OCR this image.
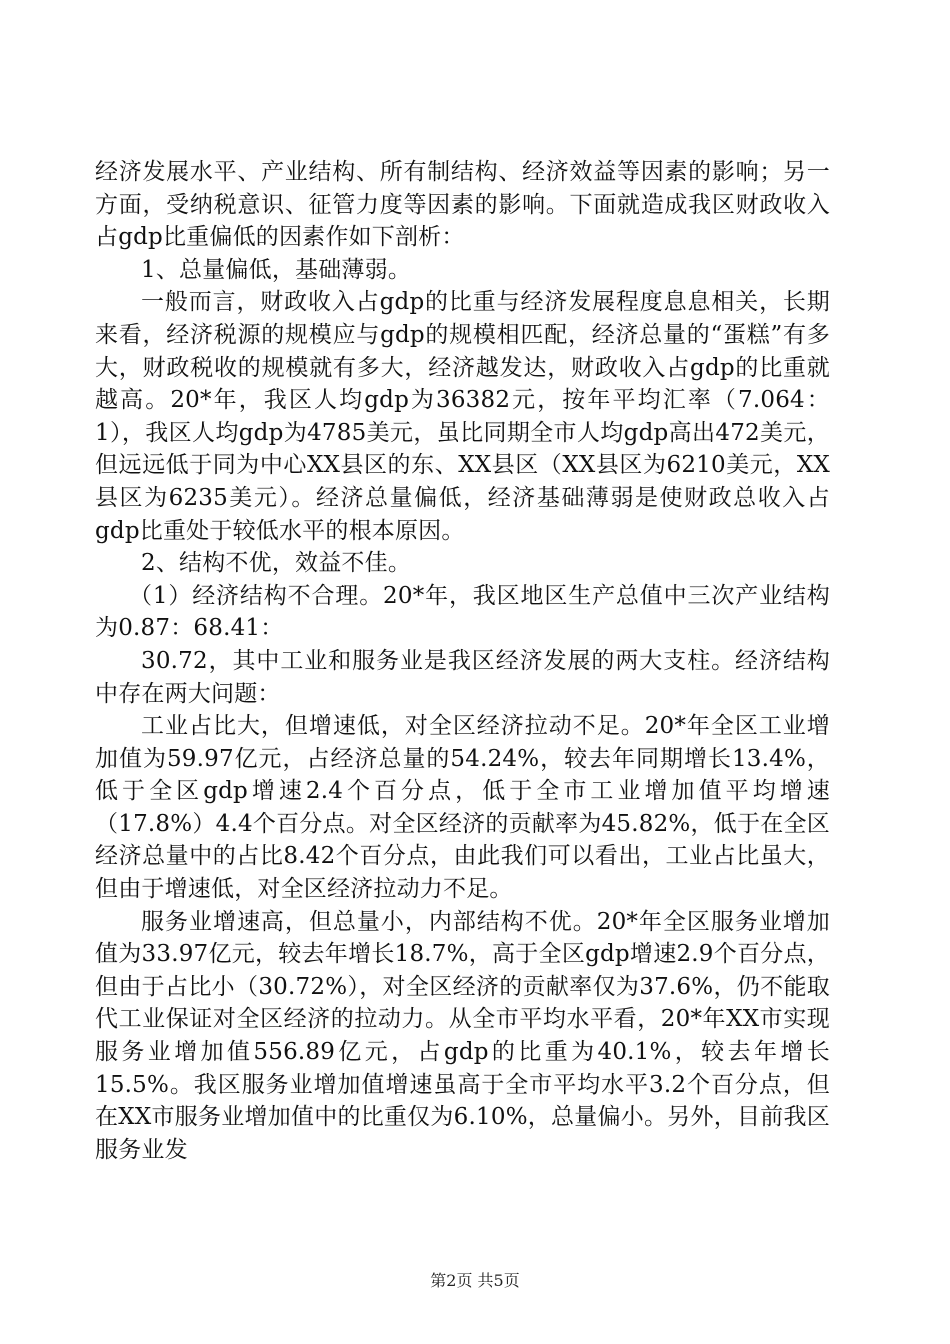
经济发展水平、产业结构、所有制结构、经济效益等因素的影响；另一方面，受纳税意识、征管力度等因素的影响。下面就造成我区财政收入占gdp比重偏低的因素作如下剖析：

1、总量偏低，基础薄弱。

一般而言，财政收入占gdp的比重与经济发展程度息息相关，长期来看，经济税源的规模应与gdp的规模相匹配，经济总量的“蛋糕”有多大，财政税收的规模就有多大，经济越发达，财政收入占gdp的比重就越高。20*年，我区人均gdp为36382元，按年平均汇率（7.064：1），我区人均gdp为4785美元，虽比同期全市人均gdp高出472美元，但远远低于同为中心XX县区的东、XX县区（XX县区为6210美元，XX县区为6235美元）。经济总量偏低，经济基础薄弱是使财政总收入占gdp比重处于较低水平的根本原因。

2、结构不优，效益不佳。

（1）经济结构不合理。20*年，我区地区生产总值中三次产业结构为0.87：68.41：

30.72，其中工业和服务业是我区经济发展的两大支柱。经济结构中存在两大问题：

工业占比大，但增速低，对全区经济拉动不足。20*年全区工业增加值为59.97亿元，占经济总量的54.24%，较去年同期增长13.4%，低于全区gdp增速2.4个百分点，低于全市工业增加值平均增速（17.8%）4.4个百分点。对全区经济的贡献率为45.82%，低于在全区经济总量中的占比8.42个百分点，由此我们可以看出，工业占比虽大，但由于增速低，对全区经济拉动力不足。

服务业增速高，但总量小，内部结构不优。20*年全区服务业增加值为33.97亿元，较去年增长18.7%，高于全区gdp增速2.9个百分点，但由于占比小（30.72%），对全区经济的贡献率仅为37.6%，仍不能取代工业保证对全区经济的拉动力。从全市平均水平看，20*年XX市实现服务业增加值556.89亿元，占gdp的比重为40.1%，较去年增长15.5%。我区服务业增加值增速虽高于全市平均水平3.2个百分点，但在XX市服务业增加值中的比重仅为6.10%，总量偏小。另外，目前我区服务业发

第2页 共5页
